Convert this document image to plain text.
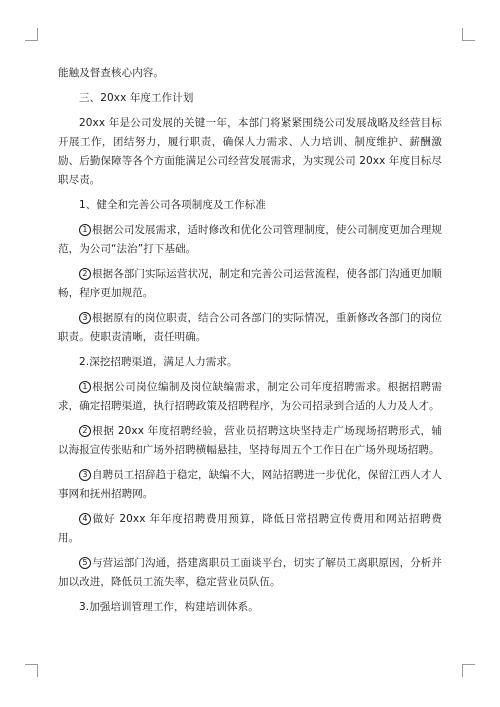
能触及督查核心内容。

三、20xx 年度工作计划

20xx 年是公司发展的关键一年，本部门将紧紧围绕公司发展战略及经营目标开展工作，团结努力，履行职责，确保人力需求、人力培训、制度维护、薪酬激励、后勤保障等各个方面能满足公司经营发展需求，为实现公司 20xx 年度目标尽职尽责。

1、健全和完善公司各项制度及工作标准

1 根据公司发展需求，适时修改和优化公司管理制度，使公司制度更加合理规范，为公司“法治”打下基础。

2 根据各部门实际运营状况，制定和完善公司运营流程，使各部门沟通更加顺畅，程序更加规范。

3 根据原有的岗位职责，结合公司各部门的实际情况，重新修改各部门的岗位职责。使职责清晰，责任明确。

2.深挖招聘渠道，满足人力需求。

1 根据公司岗位编制及岗位缺编需求，制定公司年度招聘需求。根据招聘需求，确定招聘渠道，执行招聘政策及招聘程序，为公司招录到合适的人力及人才。

2 根据 20xx 年度招聘经验，营业员招聘这块坚持走广场现场招聘形式，辅以海报宣传张贴和广场外招聘横幅悬挂，坚持每周五个工作日在广场外现场招聘。

3 自聘员工招辞趋于稳定，缺编不大，网站招聘进一步优化，保留江西人才人事网和抚州招聘网。

4 做好 20xx 年年度招聘费用预算，降低日常招聘宣传费用和网站招聘费用。

5 与营运部门沟通，搭建离职员工面谈平台，切实了解员工离职原因，分析并加以改进，降低员工流失率，稳定营业员队伍。

3.加强培训管理工作，构建培训体系。
